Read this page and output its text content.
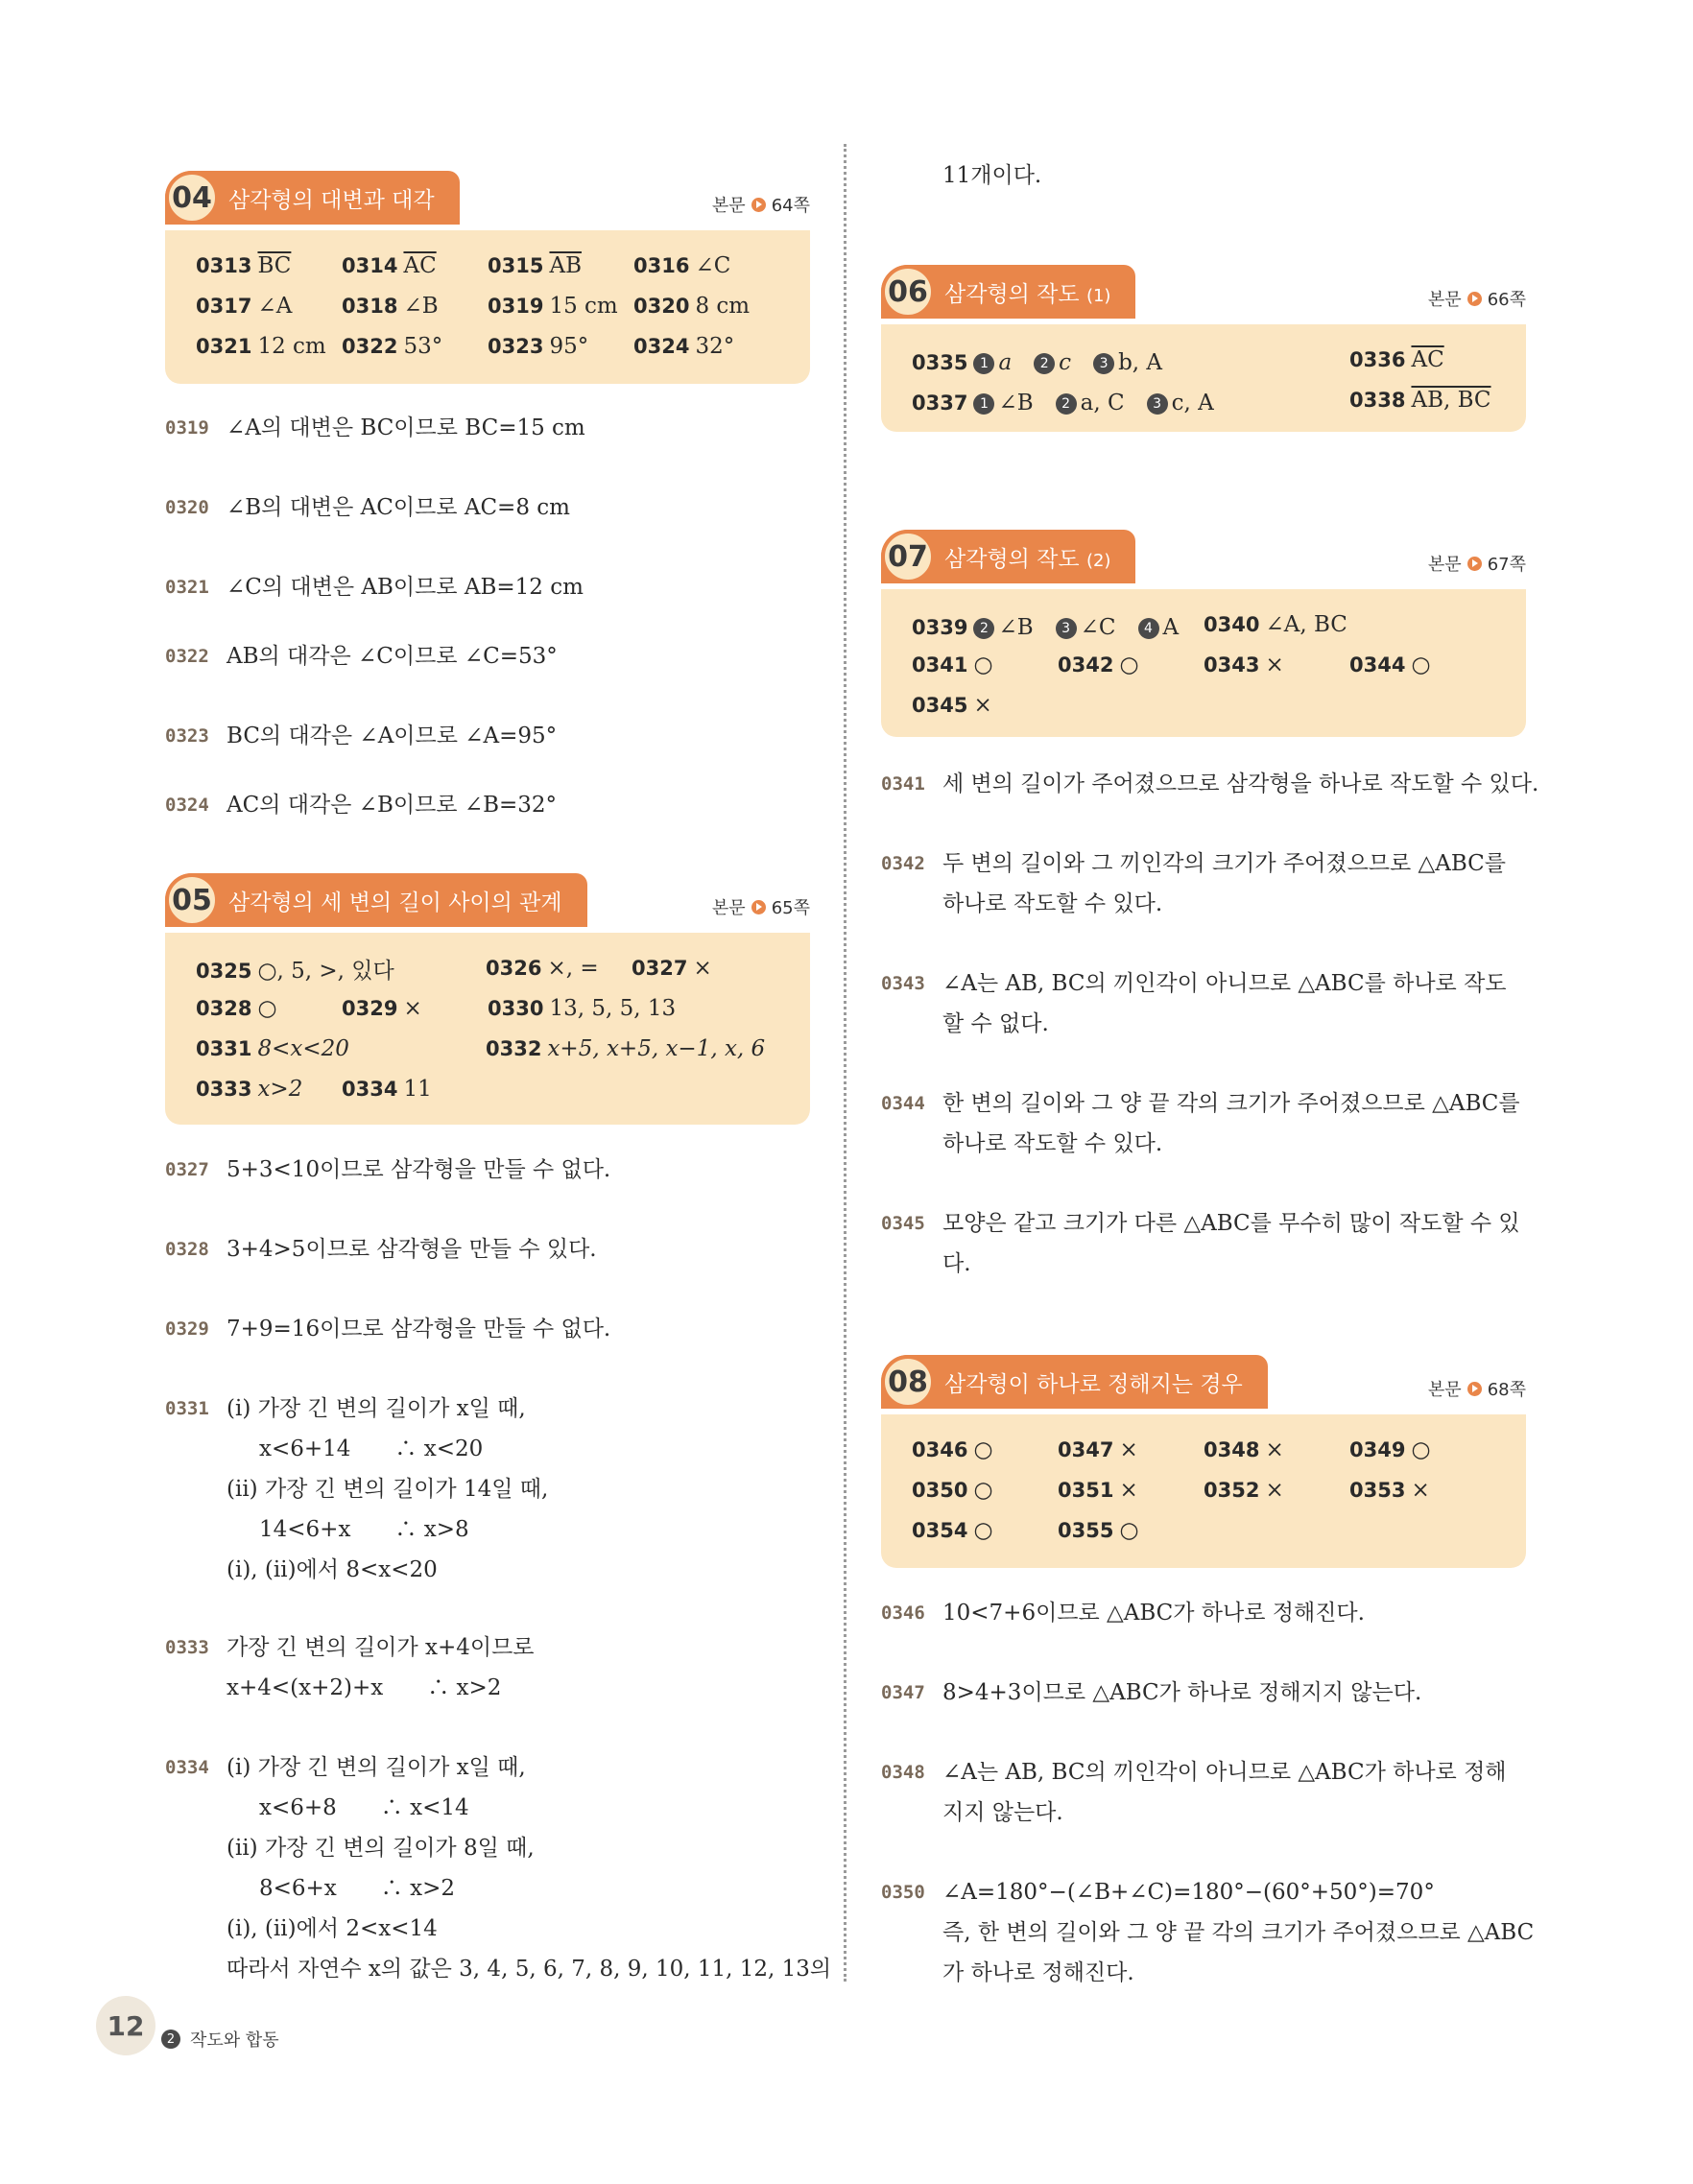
04 삼각형의 대변과 대각	본문 64쪽
0313 $\overline{BC}$	0314 $\overline{AC}$	0315 $\overline{AB}$	0316 ∠C
0317 ∠A	0318 ∠B	0319 15 cm 0320 8 cm
0321 12 cm 0322 53°	0323 95°	0324 32°
0319 ∠A의 대변은 BC이므로 BC=15 cm
0320 ∠B의 대변은 AC이므로 AC=8 cm
0321 ∠C의 대변은 AB이므로 AB=12 cm
0322 AB의 대각은 ∠C이므로 ∠C=53°
0323 BC의 대각은 ∠A이므로 ∠A=95°
0324 AC의 대각은 ∠B이므로 ∠B=32°
05 삼각형의 세 변의 길이 사이의 관계	본문 65쪽
0325 ○, 5, >, 있다	0326 ×, =	0327 ×
0328 ○	0329 ×	0330 13, 5, 5, 13
0331 8<x<20	0332 x+5, x+5, x−1, x, 6
0333 x>2	0334 11
0327 5+3<10이므로 삼각형을 만들 수 없다.
0328 3+4>5이므로 삼각형을 만들 수 있다.
0329 7+9=16이므로 삼각형을 만들 수 없다.
0331 (ⅰ) 가장 긴 변의 길이가 x일 때,
x<6+14　　∴ x<20
(ⅱ) 가장 긴 변의 길이가 14일 때,
14<6+x　　∴ x>8
(ⅰ), (ⅱ)에서 8<x<20
0333 가장 긴 변의 길이가 x+4이므로
x+4<(x+2)+x　　∴ x>2
0334 (ⅰ) 가장 긴 변의 길이가 x일 때,
x<6+8　　∴ x<14
(ⅱ) 가장 긴 변의 길이가 8일 때,
8<6+x　　∴ x>2
(ⅰ), (ⅱ)에서 2<x<14
따라서 자연수 x의 값은 3, 4, 5, 6, 7, 8, 9, 10, 11, 12, 13의
11개이다.
06 삼각형의 작도 (1)	본문 66쪽
0335 1 a　 2 c　 3 b, A	0336 $\overline{AC}$
0337 1 ∠B　 2 a, C　 3 c, A	0338 AB, BC
07 삼각형의 작도 (2)	본문 67쪽
0339 2 ∠B　 3 ∠C　 4 A	0340 ∠A, BC
0341 ○	0342 ○	0343 ×	0344 ○
0345 ×
0341 세 변의 길이가 주어졌으므로 삼각형을 하나로 작도할 수 있다.
0342 두 변의 길이와 그 끼인각의 크기가 주어졌으므로 △ABC를
하나로 작도할 수 있다.
0343 ∠A는 AB, BC의 끼인각이 아니므로 △ABC를 하나로 작도
할 수 없다.
0344 한 변의 길이와 그 양 끝 각의 크기가 주어졌으므로 △ABC를
하나로 작도할 수 있다.
0345 모양은 같고 크기가 다른 △ABC를 무수히 많이 작도할 수 있
다.
08 삼각형이 하나로 정해지는 경우	본문 68쪽
0346 ○	0347 ×	0348 ×	0349 ○
0350 ○	0351 ×	0352 ×	0353 ×
0354 ○	0355 ○
0346 10<7+6이므로 △ABC가 하나로 정해진다.
0347 8>4+3이므로 △ABC가 하나로 정해지지 않는다.
0348 ∠A는 AB, BC의 끼인각이 아니므로 △ABC가 하나로 정해
지지 않는다.
0350 ∠A=180°−(∠B+∠C)=180°−(60°+50°)=70°
즉, 한 변의 길이와 그 양 끝 각의 크기가 주어졌으므로 △ABC
가 하나로 정해진다.
12	2 작도와 합동
